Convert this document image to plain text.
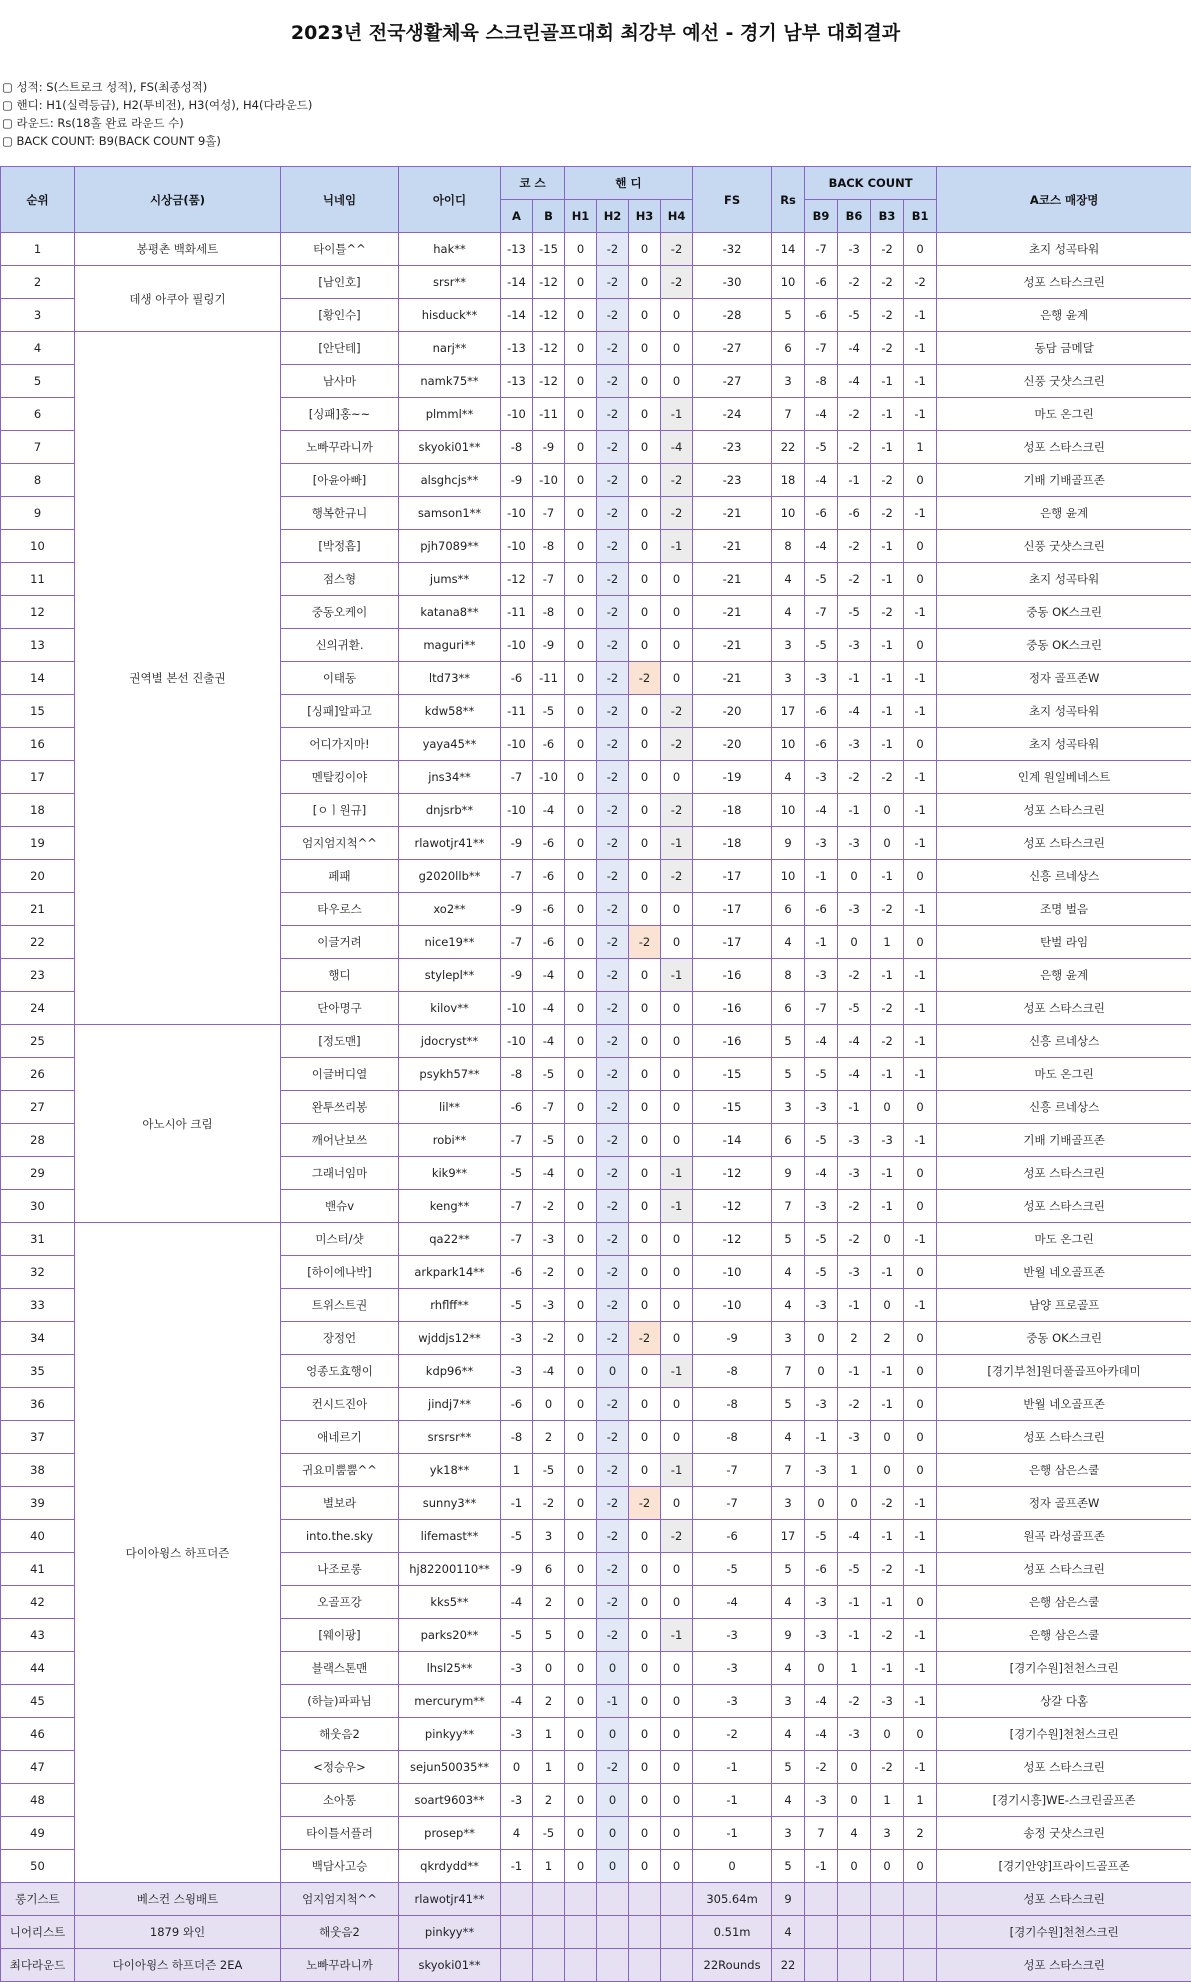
2023년 전국생활체육 스크린골프대회 최강부 예선 - 경기 남부 대회결과
▢ 성적: S(스트로크 성적), FS(최종성적)
▢ 핸디: H1(실력등급), H2(투비전), H3(여성), H4(다라운드)
▢ 라운드: Rs(18홀 완료 라운드 수)
▢ BACK COUNT: B9(BACK COUNT 9홀)
순위	시상금(품)	닉네임	아이디	코 스		핸 디				FS	Rs	BACK COUNT				A코스 매장명
				A	B	H1	H2	H3	H4			B9	B6	B3	B1	
1	봉평촌 백화세트	타이틀^^	hak**	-13	-15	0	-2	0	-2	-32	14	-7	-3	-2	0	초지 성곡타워
2	데생 아쿠아 필링기	[남인호]	srsr**	-14	-12	0	-2	0	-2	-30	10	-6	-2	-2	-2	성포 스타스크린
3		[황인수]	hisduck**	-14	-12	0	-2	0	0	-28	5	-6	-5	-2	-1	은행 윤계
4	권역별 본선 진출권	[안단테]	narj**	-13	-12	0	-2	0	0	-27	6	-7	-4	-2	-1	동담 금메달
5		남사마	namk75**	-13	-12	0	-2	0	0	-27	3	-8	-4	-1	-1	신풍 굿샷스크린
6		[싱패]홍~~	plmml**	-10	-11	0	-2	0	-1	-24	7	-4	-2	-1	-1	마도 온그린
7		노빠꾸라니까	skyoki01**	-8	-9	0	-2	0	-4	-23	22	-5	-2	-1	1	성포 스타스크린
8		[아윤아빠]	alsghcjs**	-9	-10	0	-2	0	-2	-23	18	-4	-1	-2	0	기배 기배골프존
9		행복한규니	samson1**	-10	-7	0	-2	0	-2	-21	10	-6	-6	-2	-1	은행 윤계
10		[박정흠]	pjh7089**	-10	-8	0	-2	0	-1	-21	8	-4	-2	-1	0	신풍 굿샷스크린
11		점스형	jums**	-12	-7	0	-2	0	0	-21	4	-5	-2	-1	0	초지 성곡타워
12		중동오케이	katana8**	-11	-8	0	-2	0	0	-21	4	-7	-5	-2	-1	중동 OK스크린
13		신의귀환.	maguri**	-10	-9	0	-2	0	0	-21	3	-5	-3	-1	0	중동 OK스크린
14		이태동	ltd73**	-6	-11	0	-2	-2	0	-21	3	-3	-1	-1	-1	정자 골프존W
15		[싱패]알파고	kdw58**	-11	-5	0	-2	0	-2	-20	17	-6	-4	-1	-1	초지 성곡타워
16		어디가지마!	yaya45**	-10	-6	0	-2	0	-2	-20	10	-6	-3	-1	0	초지 성곡타워
17		멘탈킹이야	jns34**	-7	-10	0	-2	0	0	-19	4	-3	-2	-2	-1	인계 원일베네스트
18		[ㅇㅣ원규]	dnjsrb**	-10	-4	0	-2	0	-2	-18	10	-4	-1	0	-1	성포 스타스크린
19		엄지엄지척^^	rlawotjr41**	-9	-6	0	-2	0	-1	-18	9	-3	-3	0	-1	성포 스타스크린
20		페패	g2020llb**	-7	-6	0	-2	0	-2	-17	10	-1	0	-1	0	신흥 르네상스
21		타우로스	xo2**	-9	-6	0	-2	0	0	-17	6	-6	-3	-2	-1	조명 벌음
22		이글거려	nice19**	-7	-6	0	-2	-2	0	-17	4	-1	0	1	0	탄벌 라임
23		행디	stylepl**	-9	-4	0	-2	0	-1	-16	8	-3	-2	-1	-1	은행 윤계
24		단아명구	kilov**	-10	-4	0	-2	0	0	-16	6	-7	-5	-2	-1	성포 스타스크린
25	아노시아 크림	[정도맨]	jdocryst**	-10	-4	0	-2	0	0	-16	5	-4	-4	-2	-1	신흥 르네상스
26		이글버디열	psykh57**	-8	-5	0	-2	0	0	-15	5	-5	-4	-1	-1	마도 온그린
27		완투쓰리봉	lil**	-6	-7	0	-2	0	0	-15	3	-3	-1	0	0	신흥 르네상스
28		깨어난보쓰	robi**	-7	-5	0	-2	0	0	-14	6	-5	-3	-3	-1	기배 기배골프존
29		그래너임마	kik9**	-5	-4	0	-2	0	-1	-12	9	-4	-3	-1	0	성포 스타스크린
30		밴슈v	keng**	-7	-2	0	-2	0	-1	-12	7	-3	-2	-1	0	성포 스타스크린
31	다이아윙스 하프더즌	미스터/샷	qa22**	-7	-3	0	-2	0	0	-12	5	-5	-2	0	-1	마도 온그린
32		[하이에나박]	arkpark14**	-6	-2	0	-2	0	0	-10	4	-5	-3	-1	0	반월 네오골프존
33		트위스트권	rhflff**	-5	-3	0	-2	0	0	-10	4	-3	-1	0	-1	남양 프로골프
34		장정언	wjddjs12**	-3	-2	0	-2	-2	0	-9	3	0	2	2	0	중동 OK스크린
35		엉종도효행이	kdp96**	-3	-4	0	0	0	-1	-8	7	0	-1	-1	0	[경기부천]원더풀골프아카데미
36		컨시드진아	jindj7**	-6	0	0	-2	0	0	-8	5	-3	-2	-1	0	반월 네오골프존
37		애네르기	srsrsr**	-8	2	0	-2	0	0	-8	4	-1	-3	0	0	성포 스타스크린
38		귀요미뿜뿜^^	yk18**	1	-5	0	-2	0	-1	-7	7	-3	1	0	0	은행 삼은스쿨
39		별보라	sunny3**	-1	-2	0	-2	-2	0	-7	3	0	0	-2	-1	정자 골프존W
40		into.the.sky	lifemast**	-5	3	0	-2	0	-2	-6	17	-5	-4	-1	-1	원곡 라성골프존
41		나조로롱	hj82200110**	-9	6	0	-2	0	0	-5	5	-6	-5	-2	-1	성포 스타스크린
42		오골프강	kks5**	-4	2	0	-2	0	0	-4	4	-3	-1	-1	0	은행 삼은스쿨
43		[웨이팡]	parks20**	-5	5	0	-2	0	-1	-3	9	-3	-1	-2	-1	은행 삼은스쿨
44		블랙스톤맨	lhsl25**	-3	0	0	0	0	0	-3	4	0	1	-1	-1	[경기수원]천천스크린
45		(하늘)파파님	mercurym**	-4	2	0	-1	0	0	-3	3	-4	-2	-3	-1	상갈 다홈
46		해웃음2	pinkyy**	-3	1	0	0	0	0	-2	4	-4	-3	0	0	[경기수원]천천스크린
47		<정승우>	sejun50035**	0	1	0	-2	0	0	-1	5	-2	0	-2	-1	성포 스타스크린
48		소아통	soart9603**	-3	2	0	0	0	0	-1	4	-3	0	1	1	[경기시흥]WE-스크린골프존
49		타이틀서플러	prosep**	4	-5	0	0	0	0	-1	3	7	4	3	2	송정 굿샷스크린
50		백담사고승	qkrdydd**	-1	1	0	0	0	0	0	5	-1	0	0	0	[경기안양]프라이드골프존
롱기스트	베스컨 스윙배트	엄지엄지척^^	rlawotjr41**							305.64m	9					성포 스타스크린
니어리스트	1879 와인	해웃음2	pinkyy**							0.51m	4					[경기수원]천천스크린
최다라운드	다이아윙스 하프더즌 2EA	노빠꾸라니까	skyoki01**							22Rounds	22					성포 스타스크린
